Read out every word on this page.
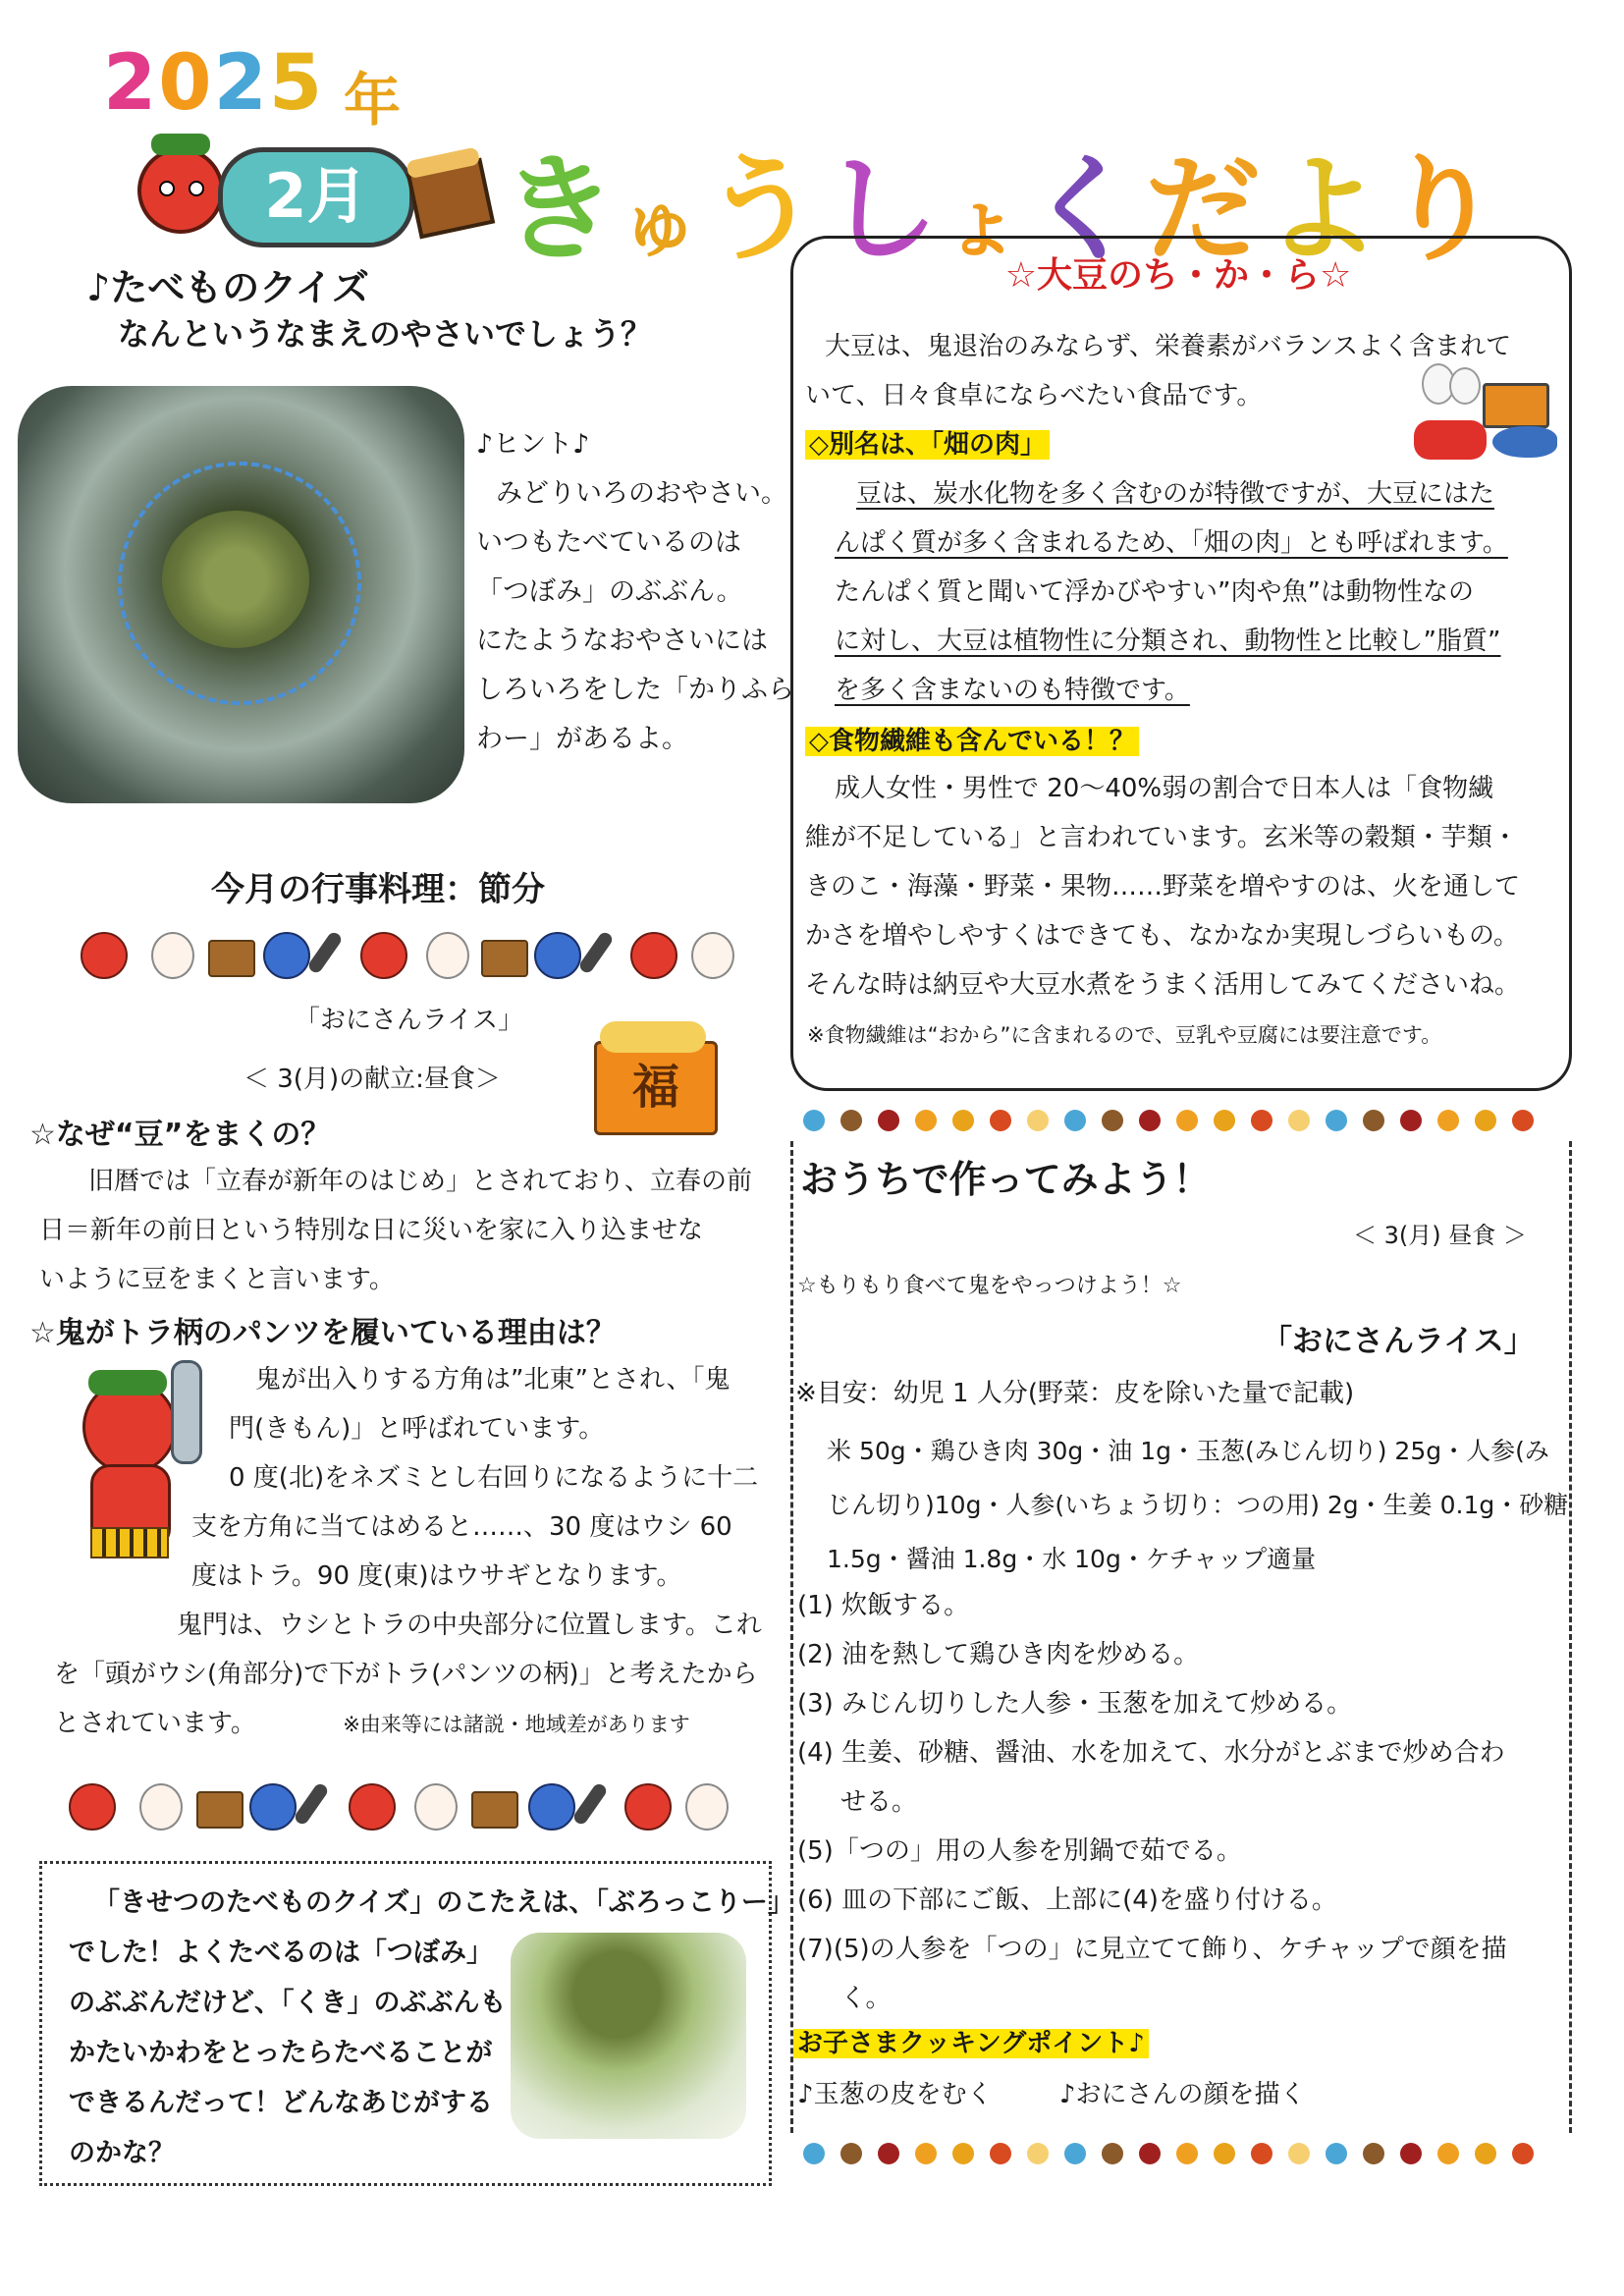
2025 年
2月	きゅうしょくだより
♪たべものクイズ
なんというなまえのやさいでしょう？
♪ヒント♪
みどりいろのおやさい。
いつもたべているのは
「つぼみ」のぶぶん。
にたようなおやさいには
しろいろをした「かりふら
わー」があるよ。
今月の行事料理：節分
「おにさんライス」
＜ 3(月)の献立:昼食＞	福
☆なぜ“豆”をまくの？
旧暦では「立春が新年のはじめ」とされており、立春の前
日＝新年の前日という特別な日に災いを家に入り込ませな
いように豆をまくと言います。
☆鬼がトラ柄のパンツを履いている理由は？
鬼が出入りする方角は”北東”とされ、「鬼
門(きもん)」と呼ばれています。
0 度(北)をネズミとし右回りになるように十二
支を方角に当てはめると……、30 度はウシ 60
度はトラ。90 度(東)はウサギとなります。
鬼門は、ウシとトラの中央部分に位置します。これ
を「頭がウシ(角部分)で下がトラ(パンツの柄)」と考えたから
とされています。	※由来等には諸説・地域差があります
「きせつのたべものクイズ」のこたえは、「ぶろっこりー」
でした！よくたべるのは「つぼみ」
のぶぶんだけど、「くき」のぶぶんも
かたいかわをとったらたべることが
できるんだって！どんなあじがする
のかな？
☆大豆のち・か・ら☆
大豆は、鬼退治のみならず、栄養素がバランスよく含まれて
いて、日々食卓にならべたい食品です。
◇別名は、「畑の肉」
豆は、炭水化物を多く含むのが特徴ですが、大豆にはた
んぱく質が多く含まれるため、「畑の肉」とも呼ばれます。
たんぱく質と聞いて浮かびやすい”肉や魚”は動物性なの
に対し、大豆は植物性に分類され、動物性と比較し”脂質”
を多く含まないのも特徴です。
◇食物繊維も含んでいる！？
成人女性・男性で 20～40%弱の割合で日本人は「食物繊
維が不足している」と言われています。玄米等の穀類・芋類・
きのこ・海藻・野菜・果物……野菜を増やすのは、火を通して
かさを増やしやすくはできても、なかなか実現しづらいもの。
そんな時は納豆や大豆水煮をうまく活用してみてくださいね。
※食物繊維は“おから”に含まれるので、豆乳や豆腐には要注意です。
おうちで作ってみよう！
＜ 3(月) 昼食 ＞
☆もりもり食べて鬼をやっつけよう！☆
「おにさんライス」
※目安：幼児 1 人分(野菜：皮を除いた量で記載)
米 50g・鶏ひき肉 30g・油 1g・玉葱(みじん切り) 25g・人参(み
じん切り)10g・人参(いちょう切り：つの用) 2g・生姜 0.1g・砂糖
1.5g・醤油 1.8g・水 10g・ケチャップ適量
(1) 炊飯する。
(2) 油を熱して鶏ひき肉を炒める。
(3) みじん切りした人参・玉葱を加えて炒める。
(4) 生姜、砂糖、醤油、水を加えて、水分がとぶまで炒め合わ
せる。
(5)「つの」用の人参を別鍋で茹でる。
(6) 皿の下部にご飯、上部に(4)を盛り付ける。
(7)(5)の人参を「つの」に見立てて飾り、ケチャップで顔を描
く。
お子さまクッキングポイント♪
♪玉葱の皮をむく	♪おにさんの顔を描く
